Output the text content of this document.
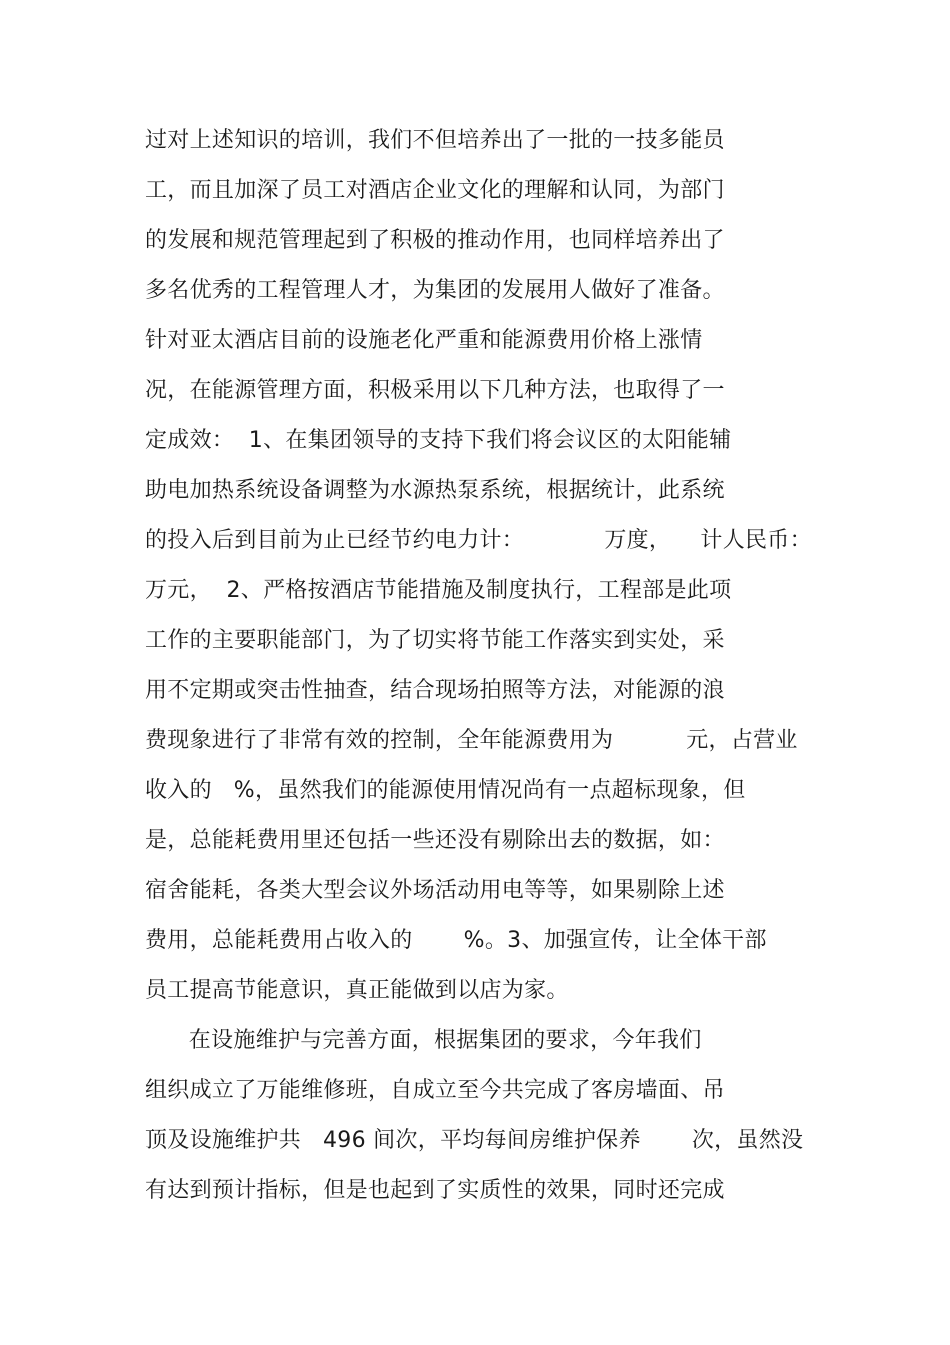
过对上述知识的培训，我们不但培养出了一批的一技多能员
工，而且加深了员工对酒店企业文化的理解和认同，为部门
的发展和规范管理起到了积极的推动作用，也同样培养出了
多名优秀的工程管理人才，为集团的发展用人做好了准备。
针对亚太酒店目前的设施老化严重和能源费用价格上涨情
况，在能源管理方面，积极采用以下几种方法，也取得了一
定成效：  1、在集团领导的支持下我们将会议区的太阳能辅
助电加热系统设备调整为水源热泵系统，根据统计，此系统
的投入后到目前为止已经节约电力计：           万度，    计人民币：
万元，  2、严格按酒店节能措施及制度执行，工程部是此项
工作的主要职能部门，为了切实将节能工作落实到实处，采
用不定期或突击性抽查，结合现场拍照等方法，对能源的浪
费现象进行了非常有效的控制，全年能源费用为          元，占营业
收入的   %，虽然我们的能源使用情况尚有一点超标现象，但
是，总能耗费用里还包括一些还没有剔除出去的数据，如：
宿舍能耗，各类大型会议外场活动用电等等，如果剔除上述
费用，总能耗费用占收入的       %。3、加强宣传，让全体干部
员工提高节能意识，真正能做到以店为家。
在设施维护与完善方面，根据集团的要求，今年我们
组织成立了万能维修班，自成立至今共完成了客房墙面、吊
顶及设施维护共   496 间次，平均每间房维护保养       次，虽然没
有达到预计指标，但是也起到了实质性的效果，同时还完成
